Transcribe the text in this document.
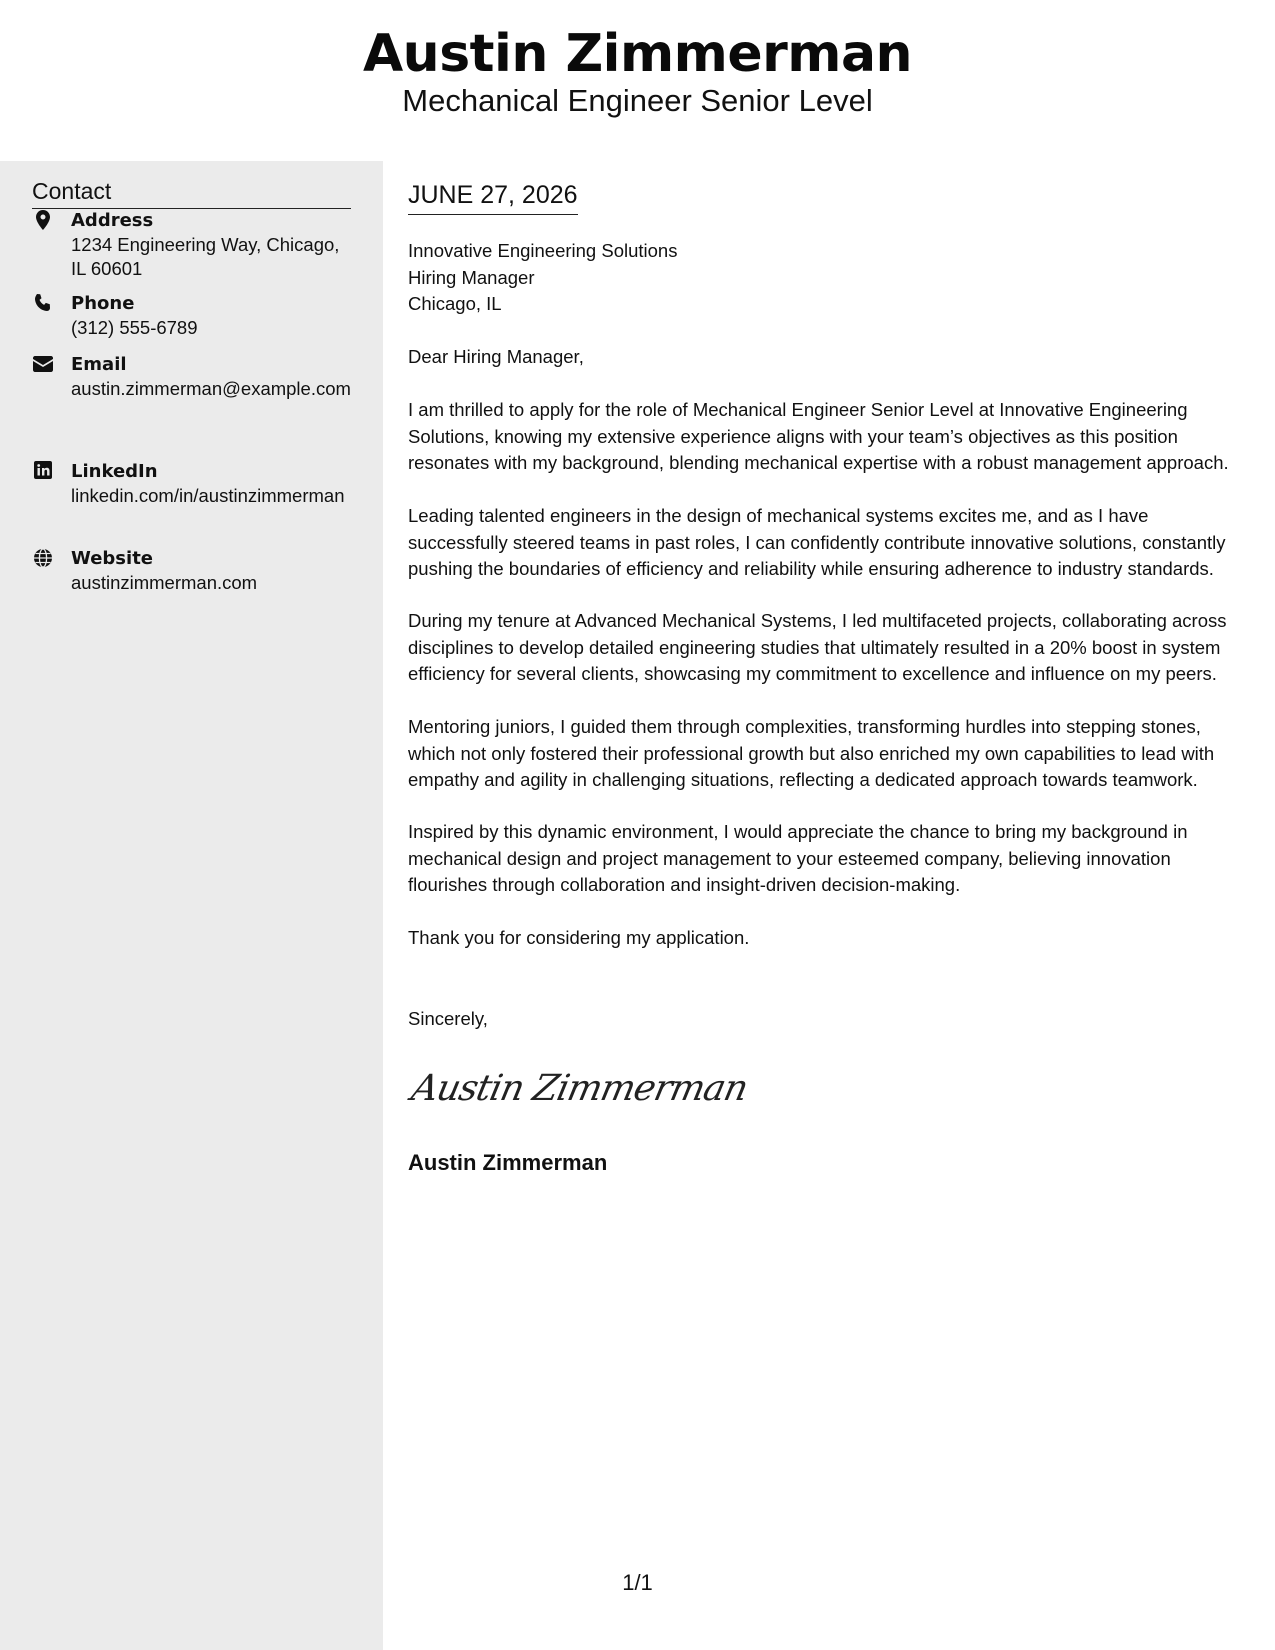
Austin Zimmerman
Mechanical Engineer Senior Level
Contact
Address
1234 Engineering Way, Chicago, IL 60601
Phone
(312) 555-6789
Email
austin.zimmerman@example.com
LinkedIn
linkedin.com/in/austinzimmerman
Website
austinzimmerman.com
JUNE 27, 2026
Innovative Engineering Solutions
Hiring Manager
Chicago, IL
Dear Hiring Manager,
I am thrilled to apply for the role of Mechanical Engineer Senior Level at Innovative Engineering Solutions, knowing my extensive experience aligns with your team’s objectives as this position resonates with my background, blending mechanical expertise with a robust management approach.
Leading talented engineers in the design of mechanical systems excites me, and as I have successfully steered teams in past roles, I can confidently contribute innovative solutions, constantly pushing the boundaries of efficiency and reliability while ensuring adherence to industry standards.
During my tenure at Advanced Mechanical Systems, I led multifaceted projects, collaborating across disciplines to develop detailed engineering studies that ultimately resulted in a 20% boost in system efficiency for several clients, showcasing my commitment to excellence and influence on my peers.
Mentoring juniors, I guided them through complexities, transforming hurdles into stepping stones, which not only fostered their professional growth but also enriched my own capabilities to lead with empathy and agility in challenging situations, reflecting a dedicated approach towards teamwork.
Inspired by this dynamic environment, I would appreciate the chance to bring my background in mechanical design and project management to your esteemed company, believing innovation flourishes through collaboration and insight-driven decision-making.
Thank you for considering my application.
Sincerely,
Austin Zimmerman
Austin Zimmerman
1/1
